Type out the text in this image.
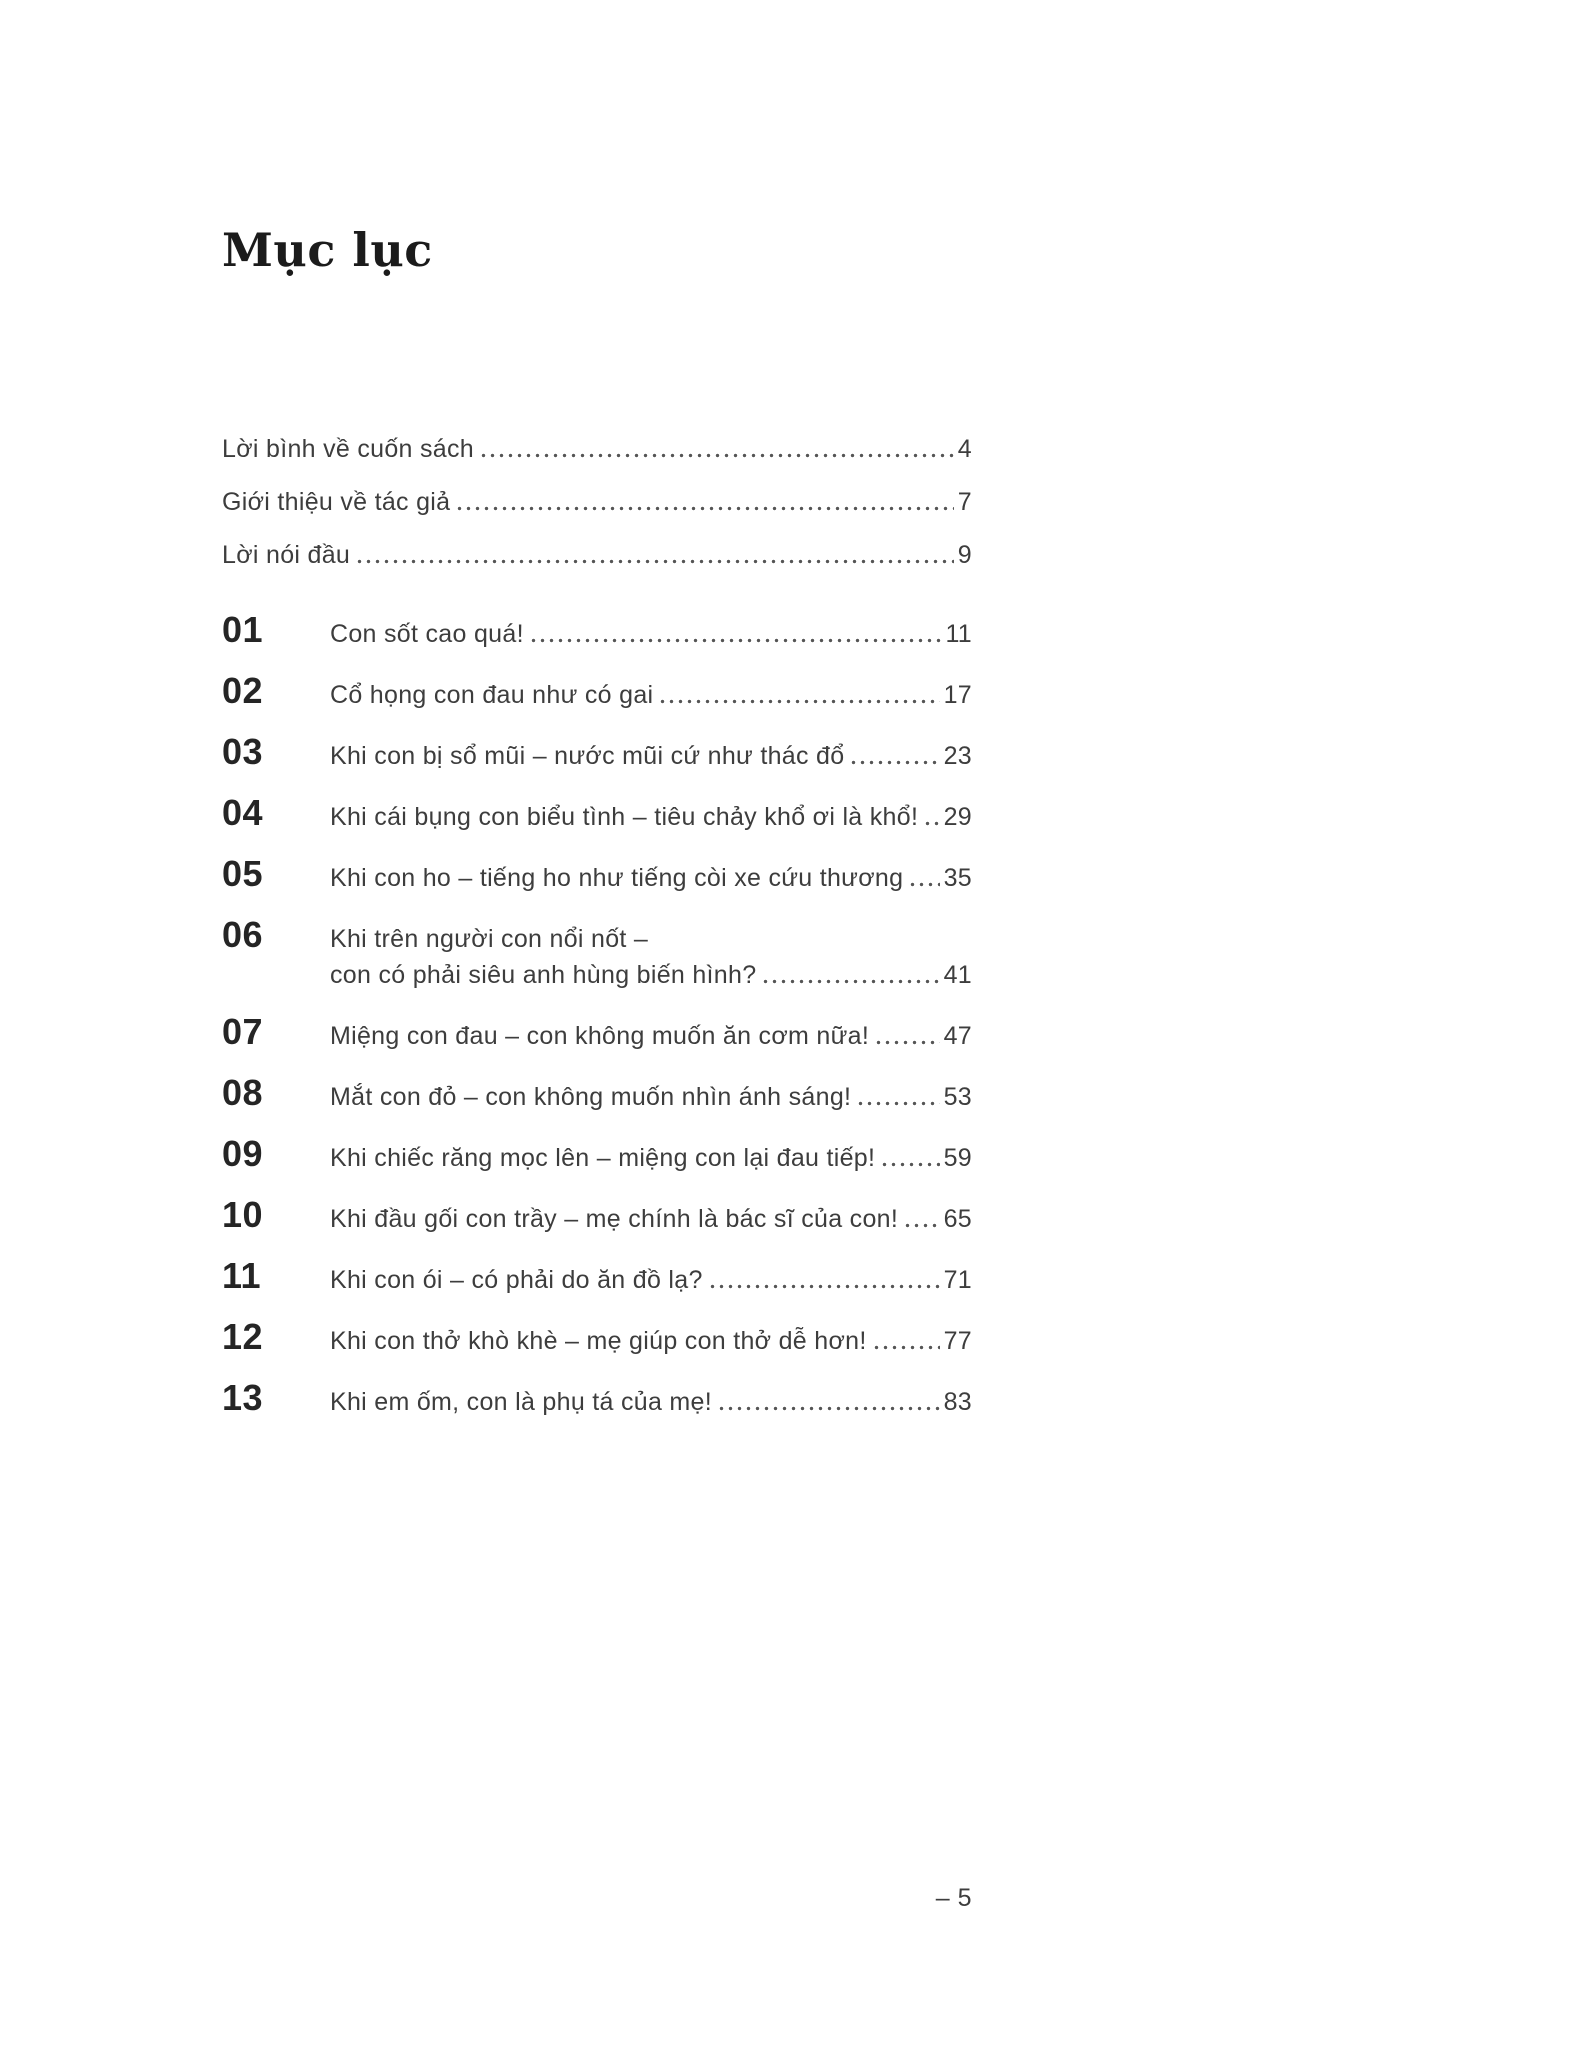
Mục lục
Lời bình về cuốn sách	4
Giới thiệu về tác giả	7
Lời nói đầu	9
01	Con sốt cao quá!	11
02	Cổ họng con đau như có gai	17
03	Khi con bị sổ mũi – nước mũi cứ như thác đổ	23
04	Khi cái bụng con biểu tình – tiêu chảy khổ ơi là khổ! 29
05	Khi con ho – tiếng ho như tiếng còi xe cứu thương 35
06	Khi trên người con nổi nốt –
con có phải siêu anh hùng biến hình?	41
07	Miệng con đau – con không muốn ăn cơm nữa!	47
08	Mắt con đỏ – con không muốn nhìn ánh sáng!	53
09	Khi chiếc răng mọc lên – miệng con lại đau tiếp!	59
10	Khi đầu gối con trầy – mẹ chính là bác sĩ của con! 65
11	Khi con ói – có phải do ăn đồ lạ?	71
12	Khi con thở khò khè – mẹ giúp con thở dễ hơn!	77
13	Khi em ốm, con là phụ tá của mẹ!	83
– 5
